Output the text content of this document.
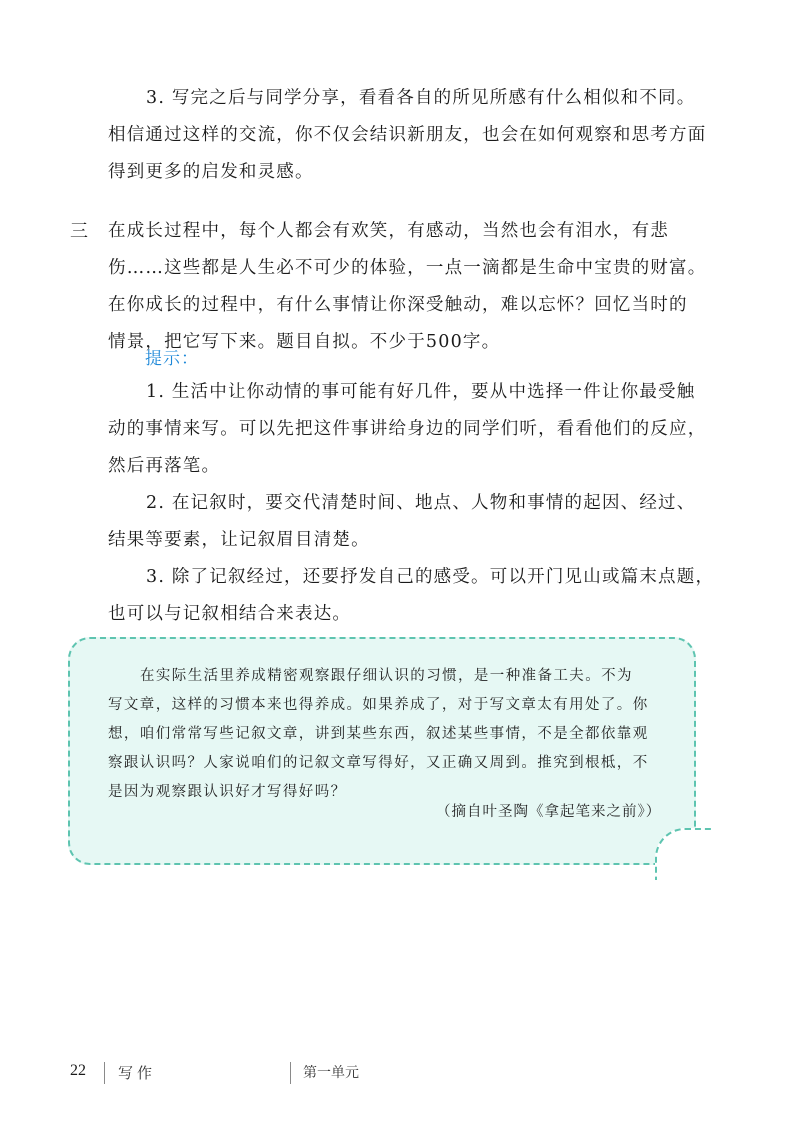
3. 写完之后与同学分享，看看各自的所见所感有什么相似和不同。
相信通过这样的交流，你不仅会结识新朋友，也会在如何观察和思考方面
得到更多的启发和灵感。
三 在成长过程中，每个人都会有欢笑，有感动，当然也会有泪水，有悲
伤……这些都是人生必不可少的体验，一点一滴都是生命中宝贵的财富。
在你成长的过程中，有什么事情让你深受触动，难以忘怀？回忆当时的
情景，把它写下来。题目自拟。不少于500字。
提示：
1. 生活中让你动情的事可能有好几件，要从中选择一件让你最受触
动的事情来写。可以先把这件事讲给身边的同学们听，看看他们的反应，
然后再落笔。
2. 在记叙时，要交代清楚时间、地点、人物和事情的起因、经过、
结果等要素，让记叙眉目清楚。
3. 除了记叙经过，还要抒发自己的感受。可以开门见山或篇末点题，
也可以与记叙相结合来表达。
在实际生活里养成精密观察跟仔细认识的习惯，是一种准备工夫。不为
写文章，这样的习惯本来也得养成。如果养成了，对于写文章太有用处了。你
想，咱们常常写些记叙文章，讲到某些东西，叙述某些事情，不是全都依靠观
察跟认识吗？人家说咱们的记叙文章写得好，又正确又周到。推究到根柢，不
是因为观察跟认识好才写得好吗？
（摘自叶圣陶《拿起笔来之前》）
22 写作	第一单元
